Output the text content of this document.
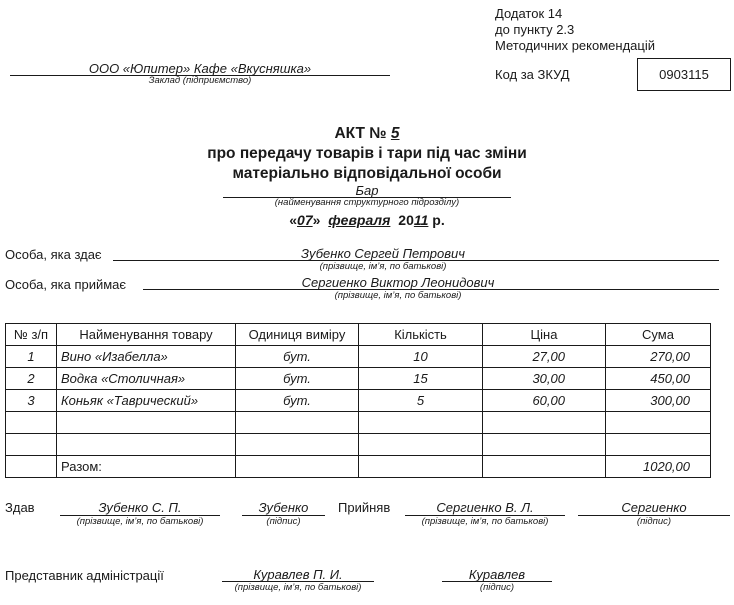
Додаток 14
до пункту 2.3
Методичних рекомендацій
ООО «Юпитер» Кафе «Вкусняшка»
Заклад (підприємство)	Код за ЗКУД	0903115
АКТ № 5
про передачу товарів і тари під час зміни
матеріально відповідальної особи
Бар
(найменування структурного підрозділу)
«07» февраля 2011 р.
Особа, яка здає	Зубенко Сергей Петрович
(прізвище, ім’я, по батькові)
Особа, яка приймає	Сергиенко Виктор Леонидович
(прізвище, ім’я, по батькові)
№ з/п	Найменування товару	Одиниця виміру	Кількість	Ціна	Сума
1	Вино «Изабелла»	бут.	10	27,00	270,00
2	Водка «Столичная»	бут.	15	30,00	450,00
3	Коньяк «Таврический»	бут.	5	60,00	300,00

	Разом:				1020,00
Здав	Зубенко С. П.
(прізвище, ім’я, по батькові)
Зубенко
(підпис)
Прийняв	Сергиенко В. Л.
(прізвище, ім’я, по батькові)
Сергиенко
(підпис)
Представник адміністрації	Куравлев П. И.
(прізвище, ім’я, по батькові)
Куравлев
(підпис)
